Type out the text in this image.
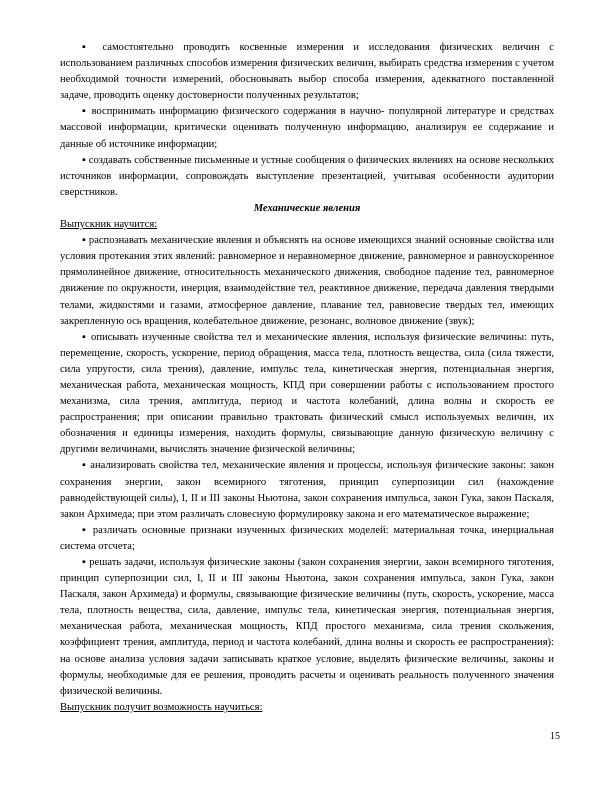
▪ самостоятельно проводить косвенные измерения и исследования физических величин с использованием различных способов измерения физических величин, выбирать средства измерения с учетом необходимой точности измерений, обосновывать выбор способа измерения, адекватного поставленной задаче, проводить оценку достоверности полученных результатов;

▪ воспринимать информацию физического содержания в научно- популярной литературе и средствах массовой информации, критически оценивать полученную информацию, анализируя ее содержание и данные об источнике информации;

▪ создавать собственные письменные и устные сообщения о физических явлениях на основе нескольких источников информации, сопровождать выступление презентацией, учитывая особенности аудитории сверстников.

Механические явления

Выпускник научится:

▪ распознавать механические явления и объяснять на основе имеющихся знаний основные свойства или условия протекания этих явлений: равномерное и неравномерное движение, равномерное и равноускоренное прямолинейное движение, относительность механического движения, свободное падение тел, равномерное движение по окружности, инерция, взаимодействие тел, реактивное движение, передача давления твердыми телами, жидкостями и газами, атмосферное давление, плавание тел, равновесие твердых тел, имеющих закрепленную ось вращения, колебательное движение, резонанс, волновое движение (звук);

▪ описывать изученные свойства тел и механические явления, используя физические величины: путь, перемещение, скорость, ускорение, период обращения, масса тела, плотность вещества, сила (сила тяжести, сила упругости, сила трения), давление, импульс тела, кинетическая энергия, потенциальная энергия, механическая работа, механическая мощность, КПД при совершении работы с использованием простого механизма, сила трения, амплитуда, период и частота колебаний, длина волны и скорость ее распространения; при описании правильно трактовать физический смысл используемых величин, их обозначения и единицы измерения, находить формулы, связывающие данную физическую величину с другими величинами, вычислять значение физической величины;

▪ анализировать свойства тел, механические явления и процессы, используя физические законы: закон сохранения энергии, закон всемирного тяготения, принцип суперпозиции сил (нахождение равнодействующей силы), I, II и III законы Ньютона, закон сохранения импульса, закон Гука, закон Паскаля, закон Архимеда; при этом различать словесную формулировку закона и его математическое выражение;

▪ различать основные признаки изученных физических моделей: материальная точка, инерциальная система отсчета;

▪ решать задачи, используя физические законы (закон сохранения энергии, закон всемирного тяготения, принцип суперпозиции сил, I, II и III законы Ньютона, закон сохранения импульса, закон Гука, закон Паскаля, закон Архимеда) и формулы, связывающие физические величины (путь, скорость, ускорение, масса тела, плотность вещества, сила, давление, импульс тела, кинетическая энергия, потенциальная энергия, механическая работа, механическая мощность, КПД простого механизма, сила трения скольжения, коэффициент трения, амплитуда, период и частота колебаний, длина волны и скорость ее распространения): на основе анализа условия задачи записывать краткое условие, выделять физические величины, законы и формулы, необходимые для ее решения, проводить расчеты и оценивать реальность полученного значения физической величины.

Выпускник получит возможность научиться:

15
